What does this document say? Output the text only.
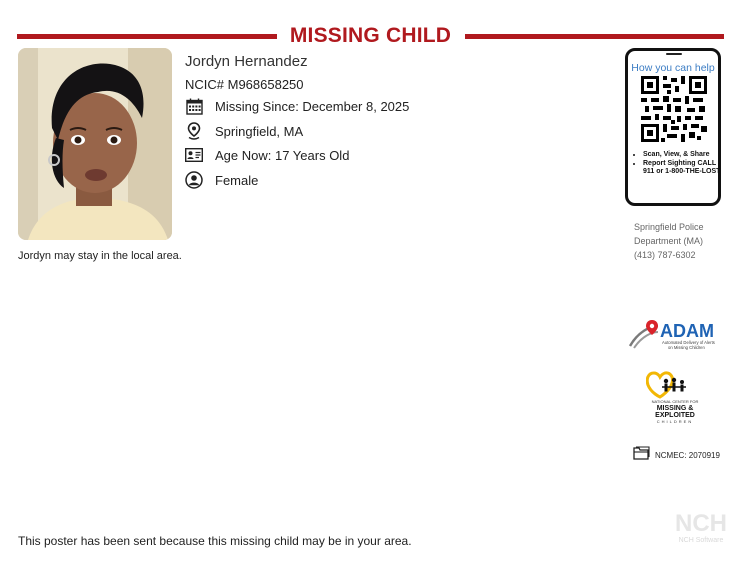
MISSING CHILD
Jordyn Hernandez
NCIC# M968658250
Missing Since: December 8, 2025
Springfield, MA
Age Now: 17 Years Old
Female
Jordyn may stay in the local area.
How you can help
• Scan, View, & Share
• Report Sighting CALL 911 or 1-800-THE-LOST
Springfield Police
Department (MA)
(413) 787-6302
ADAM
Automated Delivery of Alerts
on Missing Children
NATIONAL CENTER FOR
MISSING &
EXPLOITED
CHILDREN
NCMEC: 2070919
NCH
NCH Software
This poster has been sent because this missing child may be in your area.
